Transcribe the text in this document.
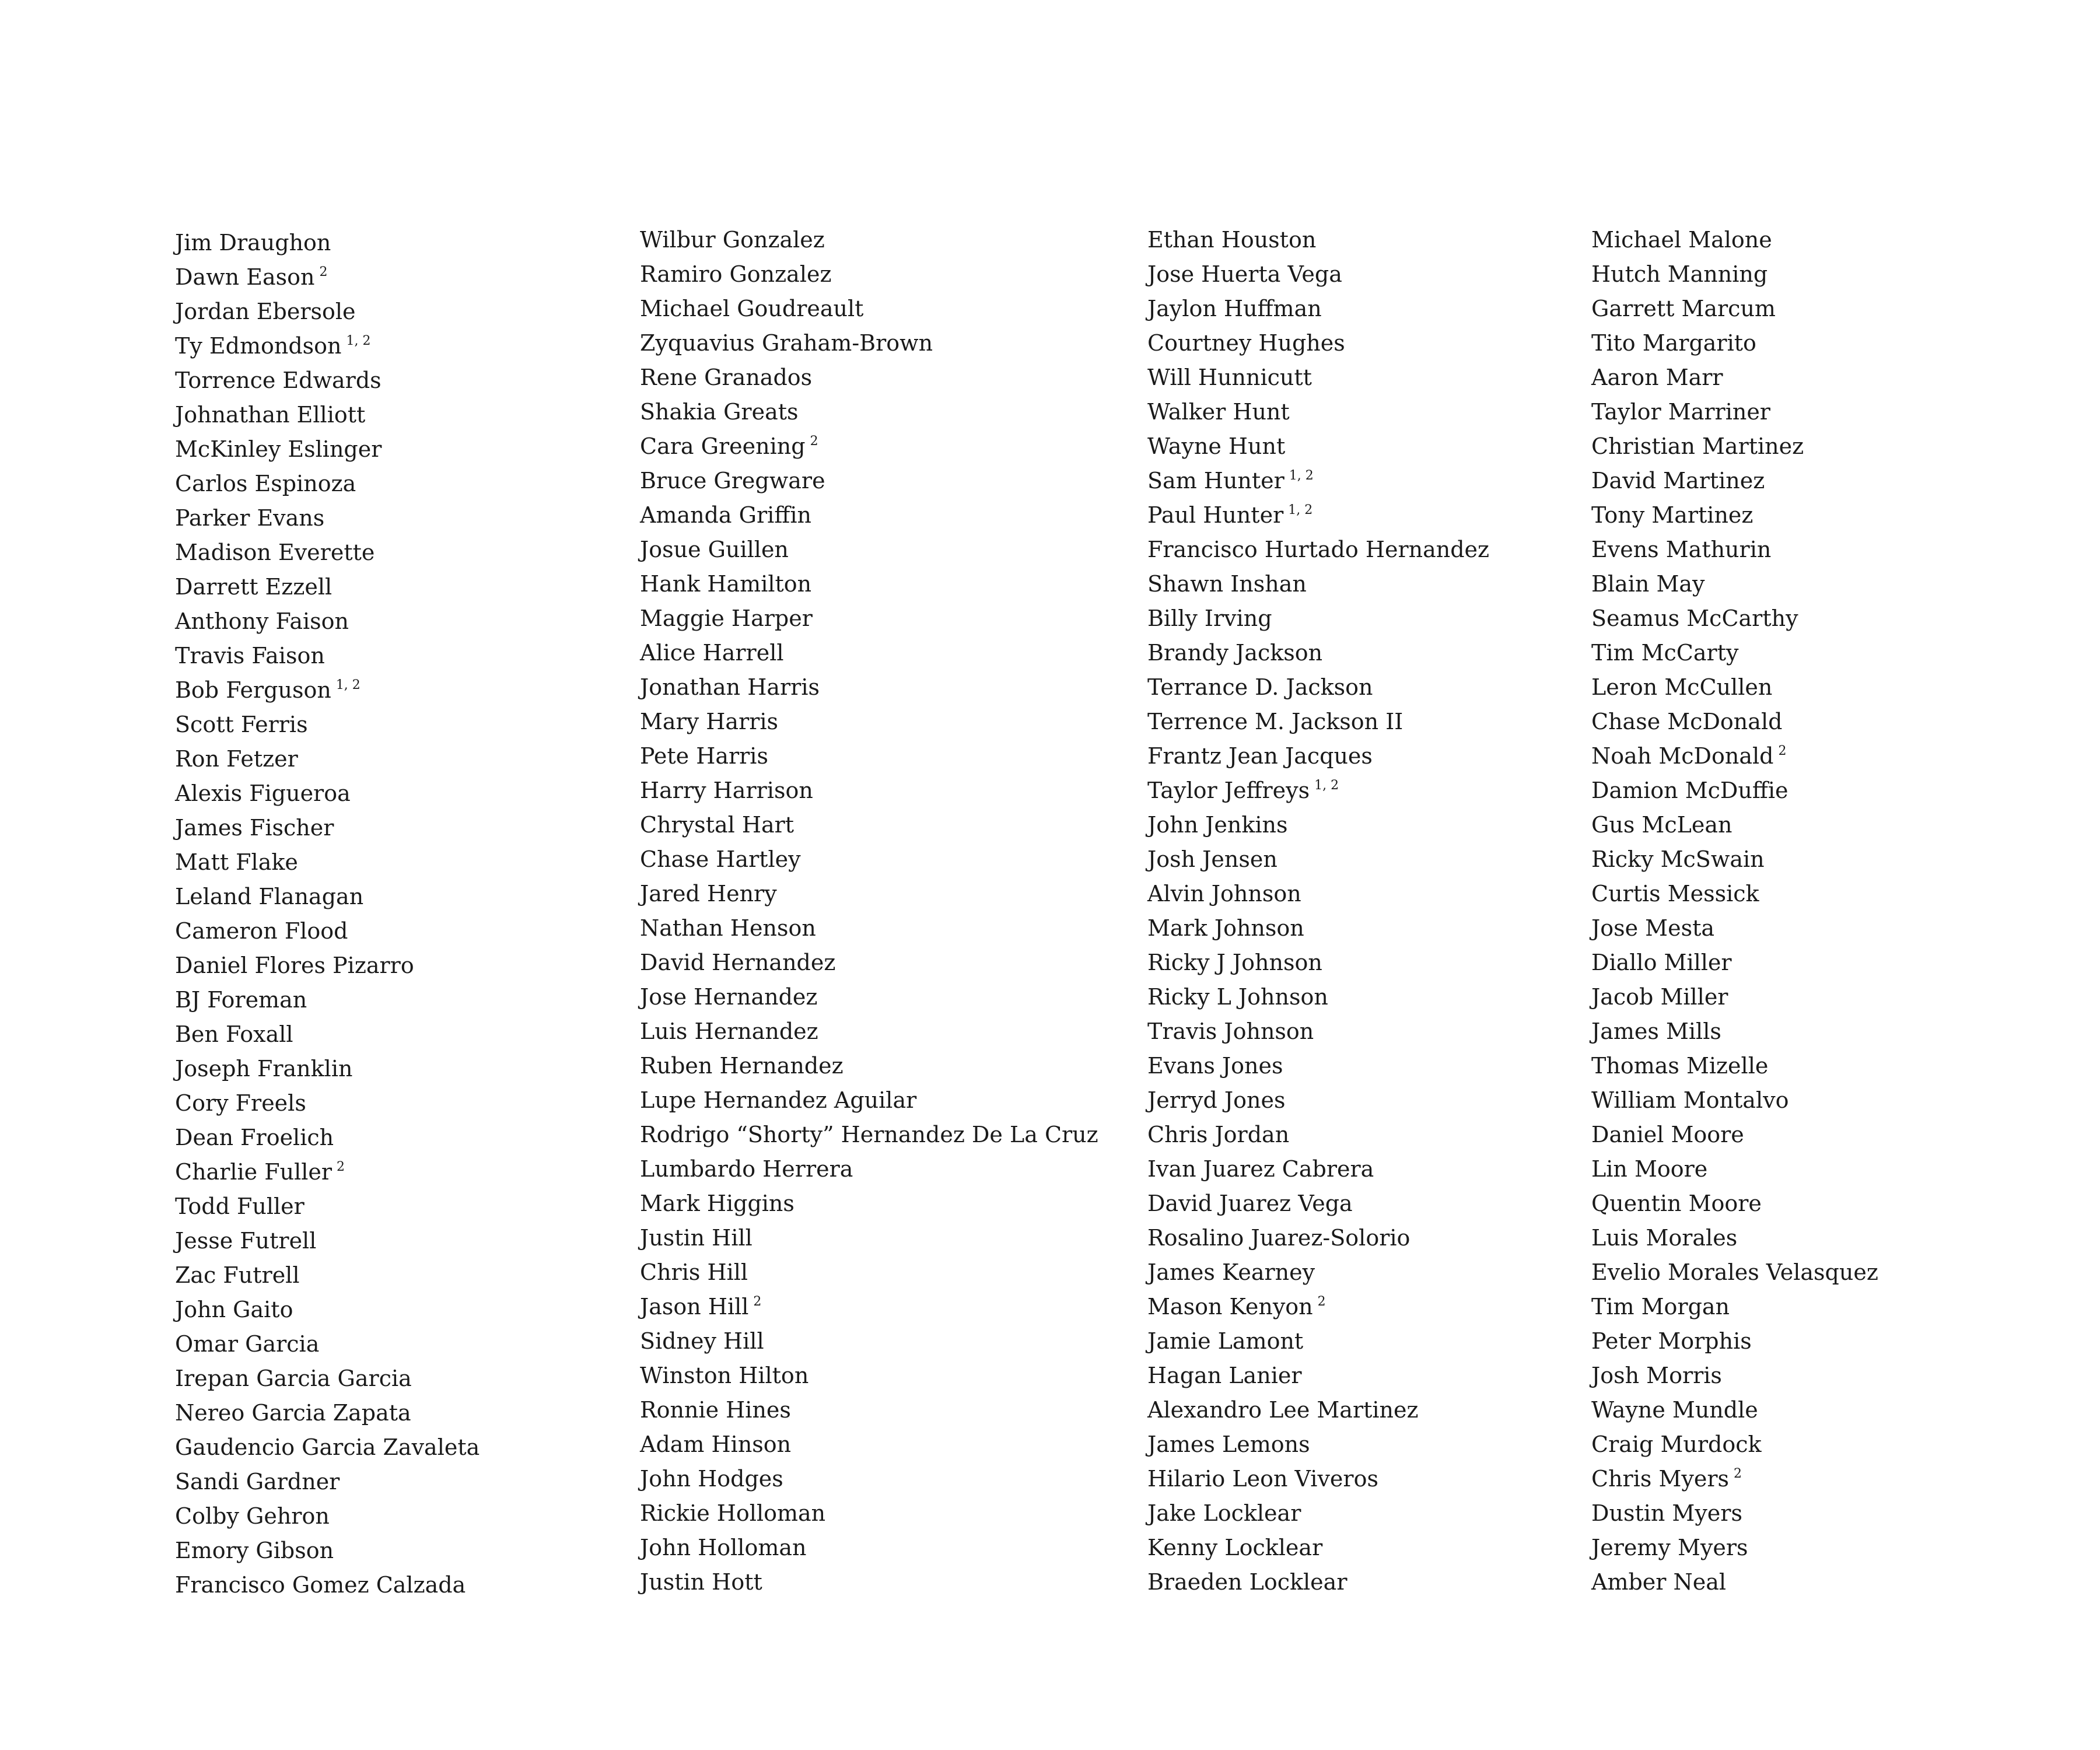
Jim Draughon
Dawn Eason $^2$
Jordan Ebersole
Ty Edmondson $^{1, 2}$
Torrence Edwards
Johnathan Elliott
McKinley Eslinger
Carlos Espinoza
Parker Evans
Madison Everette
Darrett Ezzell
Anthony Faison
Travis Faison
Bob Ferguson $^{1, 2}$
Scott Ferris
Ron Fetzer
Alexis Figueroa
James Fischer
Matt Flake
Leland Flanagan
Cameron Flood
Daniel Flores Pizarro
BJ Foreman
Ben Foxall
Joseph Franklin
Cory Freels
Dean Froelich
Charlie Fuller $^2$
Todd Fuller
Jesse Futrell
Zac Futrell
John Gaito
Omar Garcia
Irepan Garcia Garcia
Nereo Garcia Zapata
Gaudencio Garcia Zavaleta
Sandi Gardner
Colby Gehron
Emory Gibson
Francisco Gomez Calzada
Wilbur Gonzalez
Ramiro Gonzalez
Michael Goudreault
Zyquavius Graham-Brown
Rene Granados
Shakia Greats
Cara Greening $^2$
Bruce Gregware
Amanda Griffin
Josue Guillen
Hank Hamilton
Maggie Harper
Alice Harrell
Jonathan Harris
Mary Harris
Pete Harris
Harry Harrison
Chrystal Hart
Chase Hartley
Jared Henry
Nathan Henson
David Hernandez
Jose Hernandez
Luis Hernandez
Ruben Hernandez
Lupe Hernandez Aguilar
Rodrigo “Shorty” Hernandez De La Cruz
Lumbardo Herrera
Mark Higgins
Justin Hill
Chris Hill
Jason Hill $^2$
Sidney Hill
Winston Hilton
Ronnie Hines
Adam Hinson
John Hodges
Rickie Holloman
John Holloman
Justin Hott
Ethan Houston
Jose Huerta Vega
Jaylon Huffman
Courtney Hughes
Will Hunnicutt
Walker Hunt
Wayne Hunt
Sam Hunter $^{1, 2}$
Paul Hunter $^{1, 2}$
Francisco Hurtado Hernandez
Shawn Inshan
Billy Irving
Brandy Jackson
Terrance D. Jackson
Terrence M. Jackson II
Frantz Jean Jacques
Taylor Jeffreys $^{1, 2}$
John Jenkins
Josh Jensen
Alvin Johnson
Mark Johnson
Ricky J Johnson
Ricky L Johnson
Travis Johnson
Evans Jones
Jerryd Jones
Chris Jordan
Ivan Juarez Cabrera
David Juarez Vega
Rosalino Juarez-Solorio
James Kearney
Mason Kenyon $^2$
Jamie Lamont
Hagan Lanier
Alexandro Lee Martinez
James Lemons
Hilario Leon Viveros
Jake Locklear
Kenny Locklear
Braeden Locklear
Michael Malone
Hutch Manning
Garrett Marcum
Tito Margarito
Aaron Marr
Taylor Marriner
Christian Martinez
David Martinez
Tony Martinez
Evens Mathurin
Blain May
Seamus McCarthy
Tim McCarty
Leron McCullen
Chase McDonald
Noah McDonald $^2$
Damion McDuffie
Gus McLean
Ricky McSwain
Curtis Messick
Jose Mesta
Diallo Miller
Jacob Miller
James Mills
Thomas Mizelle
William Montalvo
Daniel Moore
Lin Moore
Quentin Moore
Luis Morales
Evelio Morales Velasquez
Tim Morgan
Peter Morphis
Josh Morris
Wayne Mundle
Craig Murdock
Chris Myers $^2$
Dustin Myers
Jeremy Myers
Amber Neal
